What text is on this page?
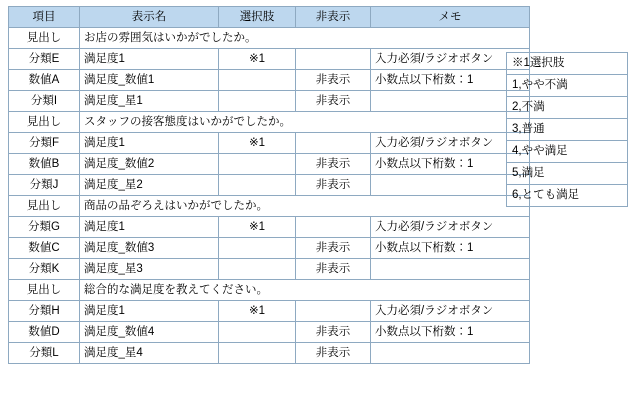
項目	表示名	選択肢	非表示	メモ
見出し	お店の雰囲気はいかがでしたか。			
分類E	満足度1	※1		入力必須/ラジオボタン
数値A	満足度_数値1		非表示	小数点以下桁数：1
分類I	満足度_星1		非表示	
見出し	スタッフの接客態度はいかがでしたか。			
分類F	満足度1	※1		入力必須/ラジオボタン
数値B	満足度_数値2		非表示	小数点以下桁数：1
分類J	満足度_星2		非表示	
見出し	商品の品ぞろえはいかがでしたか。			
分類G	満足度1	※1		入力必須/ラジオボタン
数値C	満足度_数値3		非表示	小数点以下桁数：1
分類K	満足度_星3		非表示	
見出し	総合的な満足度を教えてください。			
分類H	満足度1	※1		入力必須/ラジオボタン
数値D	満足度_数値4		非表示	小数点以下桁数：1
分類L	満足度_星4		非表示	
※1選択肢
1,やや不満
2,不満
3,普通
4,やや満足
5,満足
6,とても満足
